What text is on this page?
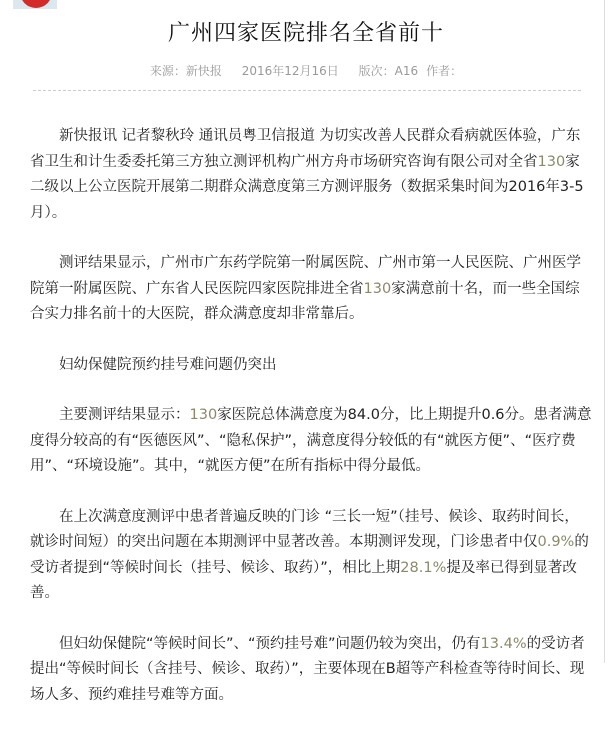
广州四家医院排名全省前十
来源：新快报 2016年12月16日 版次：A16 作者：

新快报讯 记者黎秋玲 通讯员粤卫信报道 为切实改善人民群众看病就医体验，广东省卫生和计生委委托第三方独立测评机构广州方舟市场研究咨询有限公司对全省130家二级以上公立医院开展第二期群众满意度第三方测评服务（数据采集时间为2016年3-5月）。

测评结果显示，广州市广东药学院第一附属医院、广州市第一人民医院、广州医学院第一附属医院、广东省人民医院四家医院排进全省130家满意前十名，而一些全国综合实力排名前十的大医院，群众满意度却非常靠后。

妇幼保健院预约挂号难问题仍突出

主要测评结果显示：130家医院总体满意度为84.0分，比上期提升0.6分。患者满意度得分较高的有“医德医风”、“隐私保护”，满意度得分较低的有“就医方便”、“医疗费用”、“环境设施”。其中，“就医方便”在所有指标中得分最低。

在上次满意度测评中患者普遍反映的门诊 “三长一短”（挂号、候诊、取药时间长，就诊时间短）的突出问题在本期测评中显著改善。本期测评发现，门诊患者中仅0.9%的受访者提到“等候时间长（挂号、候诊、取药）”，相比上期28.1%提及率已得到显著改善。

但妇幼保健院“等候时间长”、“预约挂号难”问题仍较为突出，仍有13.4%的受访者提出“等候时间长（含挂号、候诊、取药）”，主要体现在B超等产科检查等待时间长、现场人多、预约难挂号难等方面。
